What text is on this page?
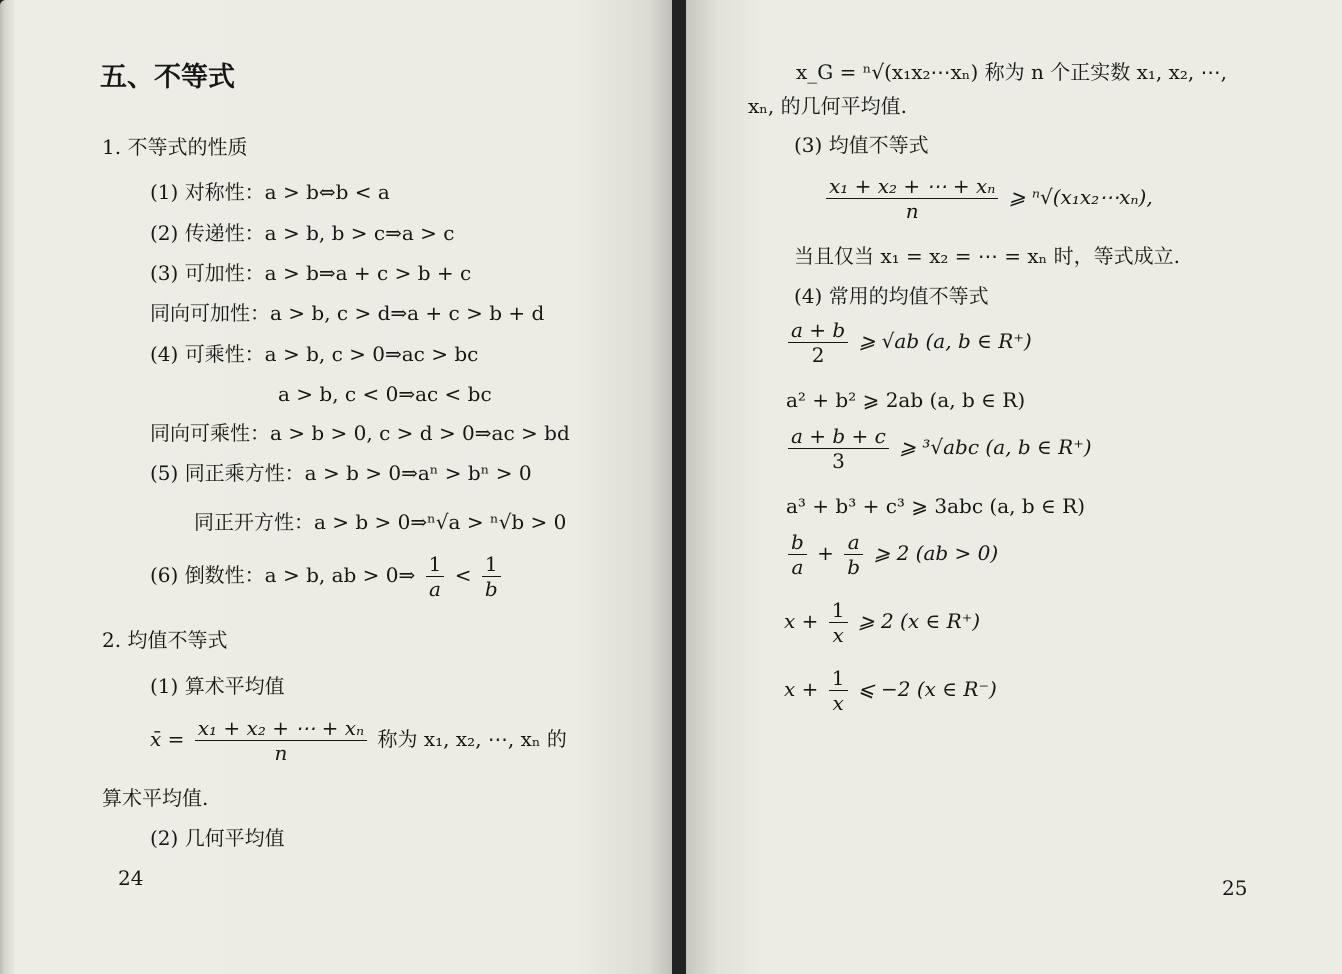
五、不等式
1. 不等式的性质
(1) 对称性：a > b⇔b < a
(2) 传递性：a > b, b > c⇒a > c
(3) 可加性：a > b⇒a + c > b + c
同向可加性：a > b, c > d⇒a + c > b + d
(4) 可乘性：a > b, c > 0⇒ac > bc
a > b, c < 0⇒ac < bc
同向可乘性：a > b > 0, c > d > 0⇒ac > bd
(5) 同正乘方性：a > b > 0⇒aⁿ > bⁿ > 0
同正开方性：a > b > 0⇒ⁿ√a > ⁿ√b > 0
(6) 倒数性：a > b, ab > 0⇒ $\frac{1}{a} < \frac{1}{b}$
2. 均值不等式
(1) 算术平均值
x̄ = $\frac{\text{x₁ + x₂ + ⋯ + xₙ}}{n}$ 称为 x₁, x₂, ⋯, xₙ 的
算术平均值.
(2) 几何平均值
24
x_G = ⁿ√(x₁x₂⋯xₙ) 称为 n 个正实数 x₁, x₂, ⋯,
xₙ, 的几何平均值.
(3) 均值不等式
$\frac{\text{x₁ + x₂ + ⋯ + xₙ}}{n}$ ⩾ ⁿ√(x₁x₂⋯xₙ),
当且仅当 x₁ = x₂ = ⋯ = xₙ 时，等式成立.
(4) 常用的均值不等式
$\frac{a + b}{2}$ ⩾ √ab (a, b ∈ R⁺)
a² + b² ⩾ 2ab (a, b ∈ R)
$\frac{a + b + c}{3}$ ⩾ ³√abc (a, b ∈ R⁺)
a³ + b³ + c³ ⩾ 3abc (a, b ∈ R)
$\frac{b}{a} + \frac{a}{b}$ ⩾ 2 (ab > 0)
$x + \frac{1}{x}$ ⩾ 2 (x ∈ R⁺)
$x + \frac{1}{x}$ ⩽ −2 (x ∈ R⁻)
25
